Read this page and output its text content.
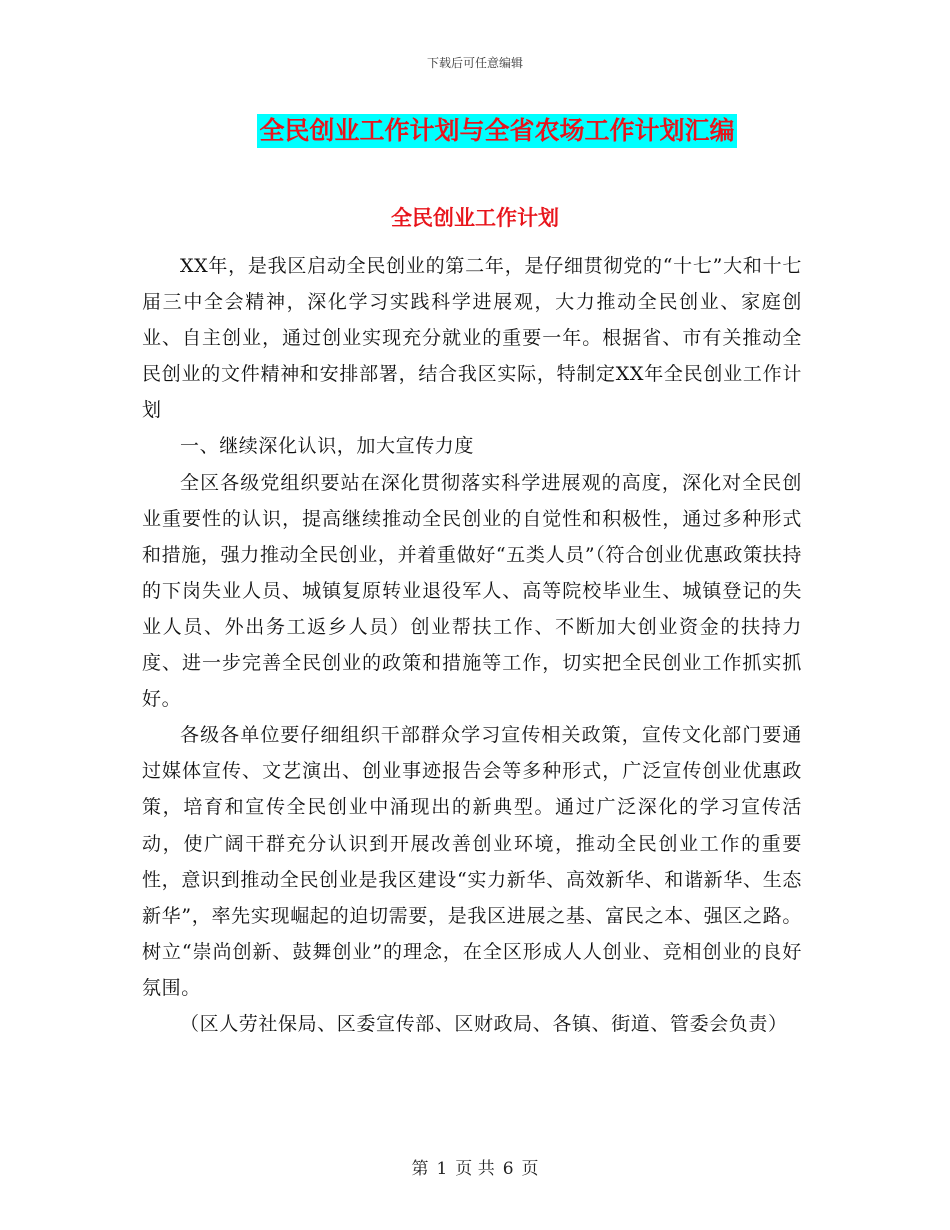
下载后可任意编辑
全民创业工作计划与全省农场工作计划汇编
全民创业工作计划

XX年，是我区启动全民创业的第二年，是仔细贯彻党的“十七”大和十七届三中全会精神，深化学习实践科学进展观，大力推动全民创业、家庭创业、自主创业，通过创业实现充分就业的重要一年。根据省、市有关推动全民创业的文件精神和安排部署，结合我区实际，特制定XX年全民创业工作计划

一、继续深化认识，加大宣传力度

全区各级党组织要站在深化贯彻落实科学进展观的高度，深化对全民创业重要性的认识，提高继续推动全民创业的自觉性和积极性，通过多种形式和措施，强力推动全民创业，并着重做好“五类人员”（符合创业优惠政策扶持的下岗失业人员、城镇复原转业退役军人、高等院校毕业生、城镇登记的失业人员、外出务工返乡人员）创业帮扶工作、不断加大创业资金的扶持力度、进一步完善全民创业的政策和措施等工作，切实把全民创业工作抓实抓好。

各级各单位要仔细组织干部群众学习宣传相关政策，宣传文化部门要通过媒体宣传、文艺演出、创业事迹报告会等多种形式，广泛宣传创业优惠政策，培育和宣传全民创业中涌现出的新典型。通过广泛深化的学习宣传活动，使广阔干群充分认识到开展改善创业环境，推动全民创业工作的重要性，意识到推动全民创业是我区建设“实力新华、高效新华、和谐新华、生态新华”，率先实现崛起的迫切需要，是我区进展之基、富民之本、强区之路。树立“崇尚创新、鼓舞创业”的理念，在全区形成人人创业、竞相创业的良好氛围。

（区人劳社保局、区委宣传部、区财政局、各镇、街道、管委会负责）

第 1 页 共 6 页
